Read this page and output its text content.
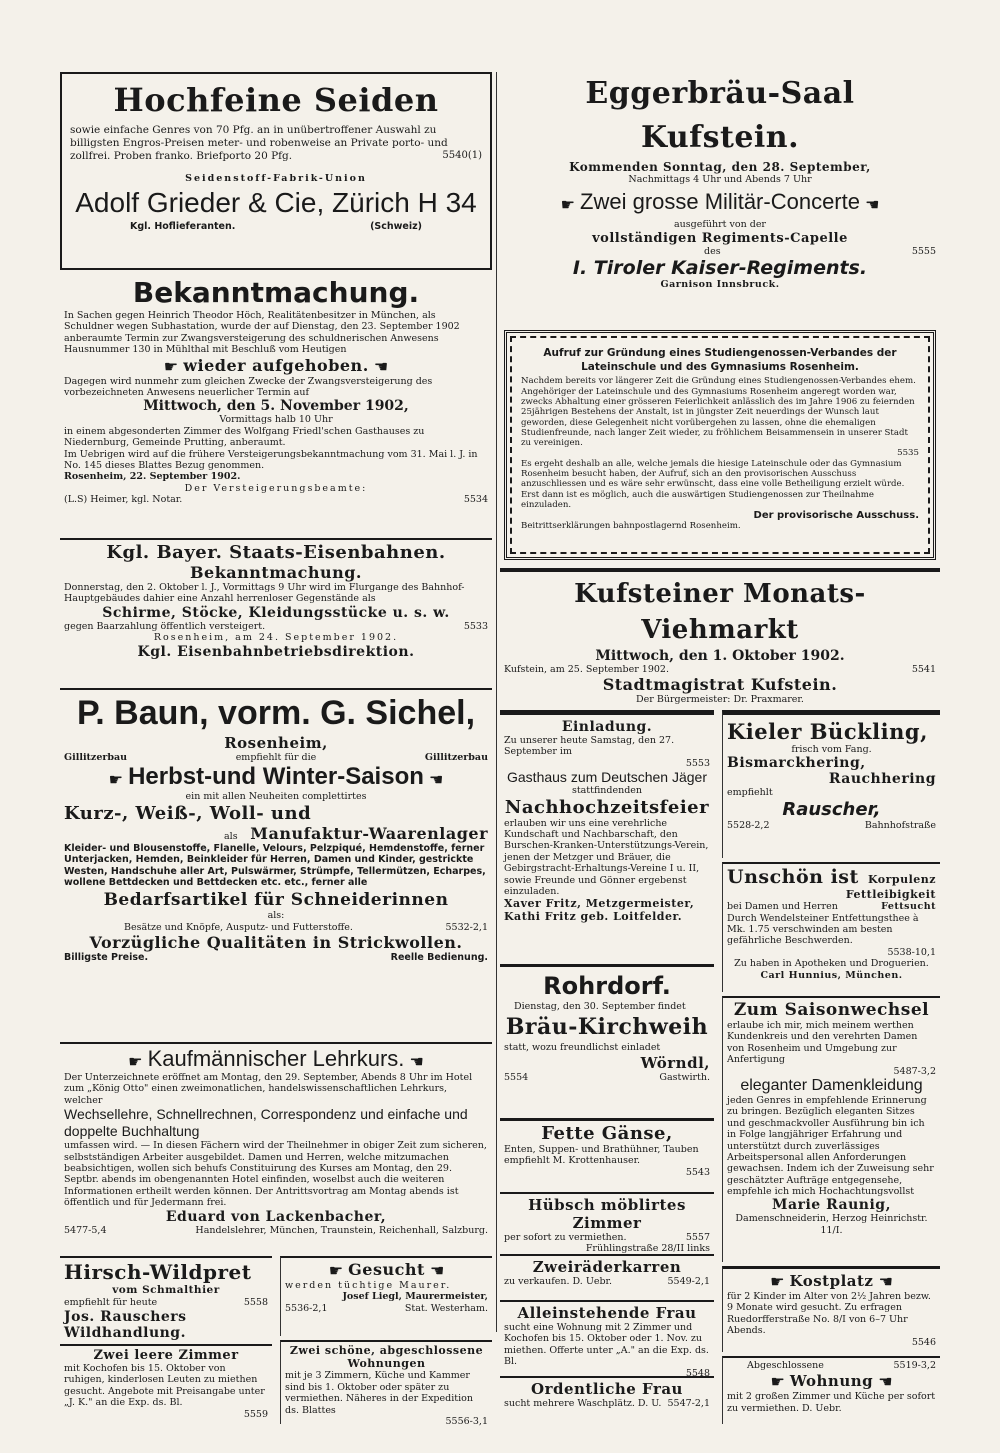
Hochfeine Seiden
sowie einfache Genres von 70 Pfg. an in unübertroffener Auswahl zu billigsten Engros-Preisen meter- und robenweise an Private porto- und zollfrei. Proben franko. Briefporto 20 Pfg.	5540(1)
Seidenstoff-Fabrik-Union
Adolf Grieder & Cie, Zürich H 34
Kgl. Hoflieferanten.	(Schweiz)
Bekanntmachung.

In Sachen gegen Heinrich Theodor Höch, Realitätenbesitzer in München, als Schuldner wegen Subhastation, wurde der auf Dienstag, den 23. September 1902 anberaumte Termin zur Zwangsversteigerung des schuldnerischen Anwesens Hausnummer 130 in Mühlthal mit Beschluß vom Heutigen

☛ wieder aufgehoben. ☚

Dagegen wird nunmehr zum gleichen Zwecke der Zwangsversteigerung des vorbezeichneten Anwesens neuerlicher Termin auf

Mittwoch, den 5. November 1902,
Vormittags halb 10 Uhr

in einem abgesonderten Zimmer des Wolfgang Friedl'schen Gasthauses zu Niedernburg, Gemeinde Prutting, anberaumt.

Im Uebrigen wird auf die frühere Versteigerungsbekanntmachung vom 31. Mai l. J. in No. 145 dieses Blattes Bezug genommen.

Rosenheim, 22. September 1902.

Der Versteigerungsbeamte:
(L.S) Heimer, kgl. Notar.	5534
Kgl. Bayer. Staats-Eisenbahnen.
Bekanntmachung.

Donnerstag, den 2. Oktober l. J., Vormittags 9 Uhr wird im Flurgange des Bahnhof-Hauptgebäudes dahier eine Anzahl herrenloser Gegenstände als

Schirme, Stöcke, Kleidungsstücke u. s. w.
gegen Baarzahlung öffentlich versteigert.	5533
Rosenheim, am 24. September 1902.
Kgl. Eisenbahnbetriebsdirektion.
P. Baun, vorm. G. Sichel,
Rosenheim,
Gillitzerbau	empfiehlt für die	Gillitzerbau
☛ Herbst-und Winter-Saison ☚
ein mit allen Neuheiten complettirtes
Kurz-, Weiß-, Woll- und
als Manufaktur-Waarenlager

Kleider- und Blousenstoffe, Flanelle, Velours, Pelzpiqué, Hemdenstoffe, ferner Unterjacken, Hemden, Beinkleider für Herren, Damen und Kinder, gestrickte Westen, Handschuhe aller Art, Pulswärmer, Strümpfe, Tellermützen, Echarpes, wollene Bettdecken und Bettdecken etc. etc., ferner alle

Bedarfsartikel für Schneiderinnen
als:
Besätze und Knöpfe, Ausputz- und Futterstoffe.	5532-2,1
Vorzügliche Qualitäten in Strickwollen.
Billigste Preise.	Reelle Bedienung.
☛ Kaufmännischer Lehrkurs. ☚

Der Unterzeichnete eröffnet am Montag, den 29. September, Abends 8 Uhr im Hotel zum „König Otto" einen zweimonatlichen, handelswissenschaftlichen Lehrkurs, welcher

Wechsellehre, Schnellrechnen, Correspondenz und einfache und doppelte Buchhaltung

umfassen wird. — In diesen Fächern wird der Theilnehmer in obiger Zeit zum sicheren, selbstständigen Arbeiter ausgebildet. Damen und Herren, welche mitzumachen beabsichtigen, wollen sich behufs Constituirung des Kurses am Montag, den 29. Septbr. abends im obengenannten Hotel einfinden, woselbst auch die weiteren Informationen ertheilt werden können. Der Antrittsvortrag am Montag abends ist öffentlich und für Jedermann frei.

Eduard von Lackenbacher,
5477-5,4	Handelslehrer, München, Traunstein, Reichenhall, Salzburg.
Hirsch-Wildpret
vom Schmalthier
empfiehlt für heute	5558
Jos. Rauschers Wildhandlung.
Zwei leere Zimmer

mit Kochofen bis 15. Oktober von ruhigen, kinderlosen Leuten zu miethen gesucht. Angebote mit Preisangabe unter „J. K." an die Exp. ds. Bl.

5559
☛ Gesucht ☚
werden tüchtige Maurer.
Josef Liegl, Maurermeister,
5536-2,1	Stat. Westerham.
Zwei schöne, abgeschlossene Wohnungen

mit je 3 Zimmern, Küche und Kammer sind bis 1. Oktober oder später zu vermiethen. Näheres in der Expedition ds. Blattes

5556-3,1
Eggerbräu-Saal Kufstein.
Kommenden Sonntag, den 28. September,
Nachmittags 4 Uhr und Abends 7 Uhr
☛ Zwei grosse Militär-Concerte ☚
ausgeführt von der
vollständigen Regiments-Capelle
des	5555
I. Tiroler Kaiser-Regiments.
Garnison Innsbruck.
Aufruf zur Gründung eines Studiengenossen-Verbandes der Lateinschule und des Gymnasiums Rosenheim.

Nachdem bereits vor längerer Zeit die Gründung eines Studiengenossen-Verbandes ehem. Angehöriger der Lateinschule und des Gymnasiums Rosenheim angeregt worden war, zwecks Abhaltung einer grösseren Feierlichkeit anlässlich des im Jahre 1906 zu feiernden 25jährigen Bestehens der Anstalt, ist in jüngster Zeit neuerdings der Wunsch laut geworden, diese Gelegenheit nicht vorübergehen zu lassen, ohne die ehemaligen Studienfreunde, nach langer Zeit wieder, zu fröhlichem Beisammensein in unserer Stadt zu vereinigen.

5535

Es ergeht deshalb an alle, welche jemals die hiesige Lateinschule oder das Gymnasium Rosenheim besucht haben, der Aufruf, sich an den provisorischen Ausschuss anzuschliessen und es wäre sehr erwünscht, dass eine volle Betheiligung erzielt würde. Erst dann ist es möglich, auch die auswärtigen Studiengenossen zur Theilnahme einzuladen.

Der provisorische Ausschuss.
Beitrittserklärungen bahnpostlagernd Rosenheim.
Kufsteiner Monats-Viehmarkt
Mittwoch, den 1. Oktober 1902.
Kufstein, am 25. September 1902.	5541
Stadtmagistrat Kufstein.
Der Bürgermeister: Dr. Praxmarer.
Einladung.

Zu unserer heute Samstag, den 27. September im

5553
Gasthaus zum Deutschen Jäger
stattfindenden
Nachhochzeitsfeier

erlauben wir uns eine verehrliche Kundschaft und Nachbarschaft, den Burschen-Kranken-Unterstützungs-Verein, jenen der Metzger und Bräuer, die Gebirgstracht-Erhaltungs-Vereine I u. II, sowie Freunde und Gönner ergebenst einzuladen.

Xaver Fritz, Metzgermeister,
Kathi Fritz geb. Loitfelder.
Kieler Bückling,
frisch vom Fang.
Bismarckhering,
Rauchhering
empfiehlt
Rauscher,
5528-2,2	Bahnhofstraße
Unschön ist Korpulenz
Fettleibigkeit
bei Damen und Herren	Fettsucht

Durch Wendelsteiner Entfettungsthee à Mk. 1.75 verschwinden am besten gefährliche Beschwerden.

5538-10,1
Zu haben in Apotheken und Droguerien.
Carl Hunnius, München.
Rohrdorf.
Dienstag, den 30. September findet
Bräu-Kirchweih
statt, wozu freundlichst einladet
Wörndl,
5554	Gastwirth.
Zum Saisonwechsel

erlaube ich mir, mich meinem werthen Kundenkreis und den verehrten Damen von Rosenheim und Umgebung zur Anfertigung

5487-3,2
eleganter Damenkleidung

jeden Genres in empfehlende Erinnerung zu bringen. Bezüglich eleganten Sitzes und geschmackvoller Ausführung bin ich in Folge langjähriger Erfahrung und unterstützt durch zuverlässiges Arbeitspersonal allen Anforderungen gewachsen. Indem ich der Zuweisung sehr geschätzter Aufträge entgegensehe, empfehle ich mich Hochachtungsvollst

Marie Raunig,
Damenschneiderin, Herzog Heinrichstr. 11/I.
Fette Gänse,

Enten, Suppen- und Brathühner, Tauben empfiehlt M. Krottenhauser.

5543
Hübsch möblirtes Zimmer
per sofort zu vermiethen.	5557
Frühlingstraße 28/II links
Zweiräderkarren
zu verkaufen. D. Uebr.	5549-2,1
Alleinstehende Frau

sucht eine Wohnung mit 2 Zimmer und Kochofen bis 15. Oktober oder 1. Nov. zu miethen. Offerte unter „A." an die Exp. ds. Bl.

5548
Ordentliche Frau
sucht mehrere Waschplätz. D. U. 5547-2,1
☛ Kostplatz ☚

für 2 Kinder im Alter von 2½ Jahren bezw. 9 Monate wird gesucht. Zu erfragen Ruedorfferstraße No. 8/I von 6–7 Uhr Abends.

5546
Abgeschlossene	5519-3,2
☛ Wohnung ☚

mit 2 großen Zimmer und Küche per sofort zu vermiethen. D. Uebr.
